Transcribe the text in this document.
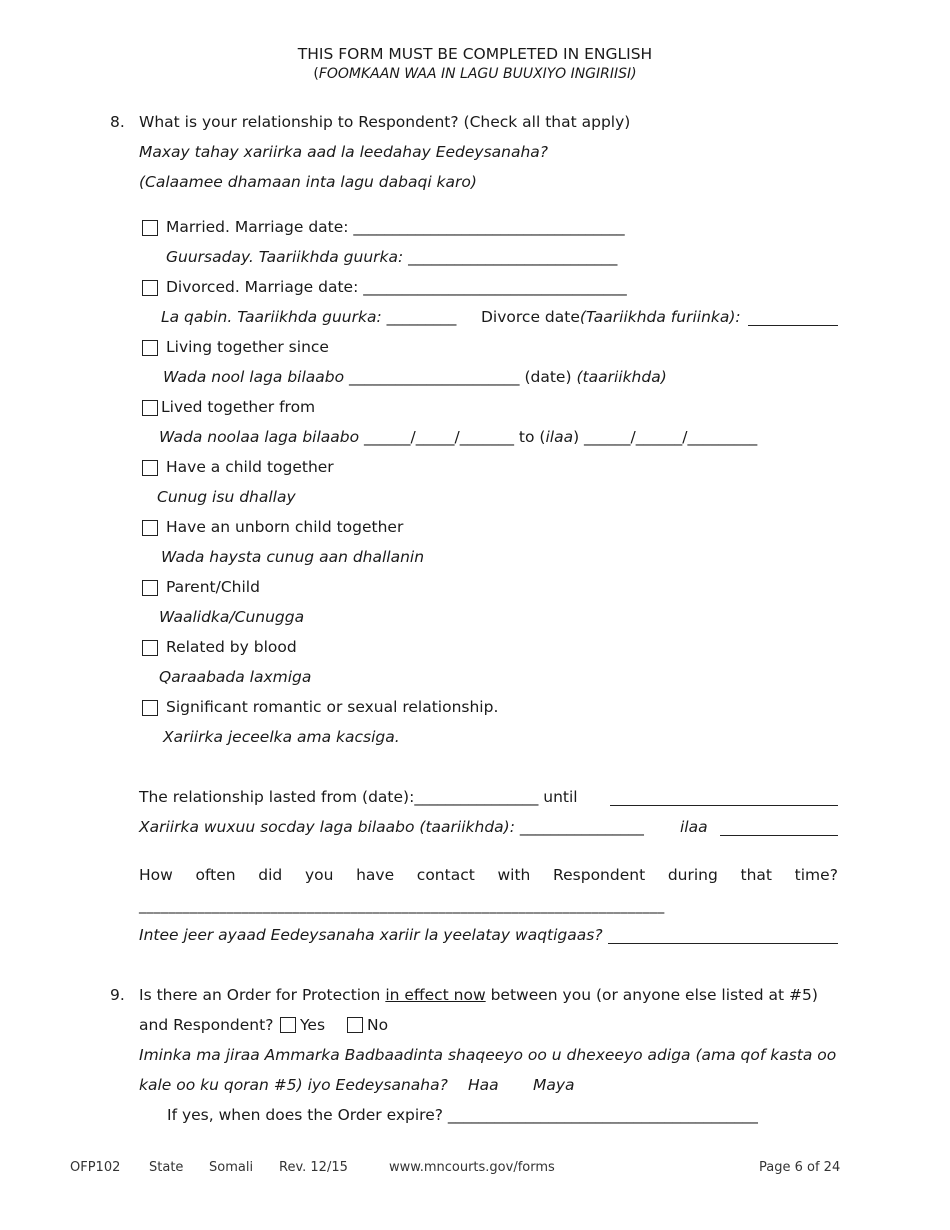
THIS FORM MUST BE COMPLETED IN ENGLISH
(FOOMKAAN WAA IN LAGU BUUXIYO INGIRIISI)
8. What is your relationship to Respondent? (Check all that apply)
Maxay tahay xariirka aad la leedahay Eedeysanaha?
(Calaamee dhamaan inta lagu dabaqi karo)
Married. Marriage date: ___________________________________
Guursaday. Taariikhda guurka: ___________________________
Divorced. Marriage date: __________________________________
La qabin. Taariikhda guurka: _________ Divorce date(Taariikhda furiinka):
Living together since
Wada nool laga bilaabo ______________________ (date) (taariikhda)
Lived together from
Wada noolaa laga bilaabo ______/_____/_______ to (ilaa) ______/______/_________
Have a child together
Cunug isu dhallay
Have an unborn child together
Wada haysta cunug aan dhallanin
Parent/Child
Waalidka/Cunugga
Related by blood
Qaraabada laxmiga
Significant romantic or sexual relationship.
Xariirka jeceelka ama kacsiga.
The relationship lasted from (date):________________ until
Xariirka wuxuu socday laga bilaabo (taariikhda): ________________ ilaa
How often did you have contact with Respondent during that time?
________________________________________________________________________
Intee jeer ayaad Eedeysanaha xariir la yeelatay waqtigaas?
9. Is there an Order for Protection in effect now between you (or anyone else listed at #5)
and Respondent? Yes	No
Iminka ma jiraa Ammarka Badbaadinta shaqeeyo oo u dhexeeyo adiga (ama qof kasta oo
kale oo ku qoran #5) iyo Eedeysanaha? Haa Maya
If yes, when does the Order expire? ________________________________________
OFP102 State Somali Rev. 12/15	www.mncourts.gov/forms	Page 6 of 24
